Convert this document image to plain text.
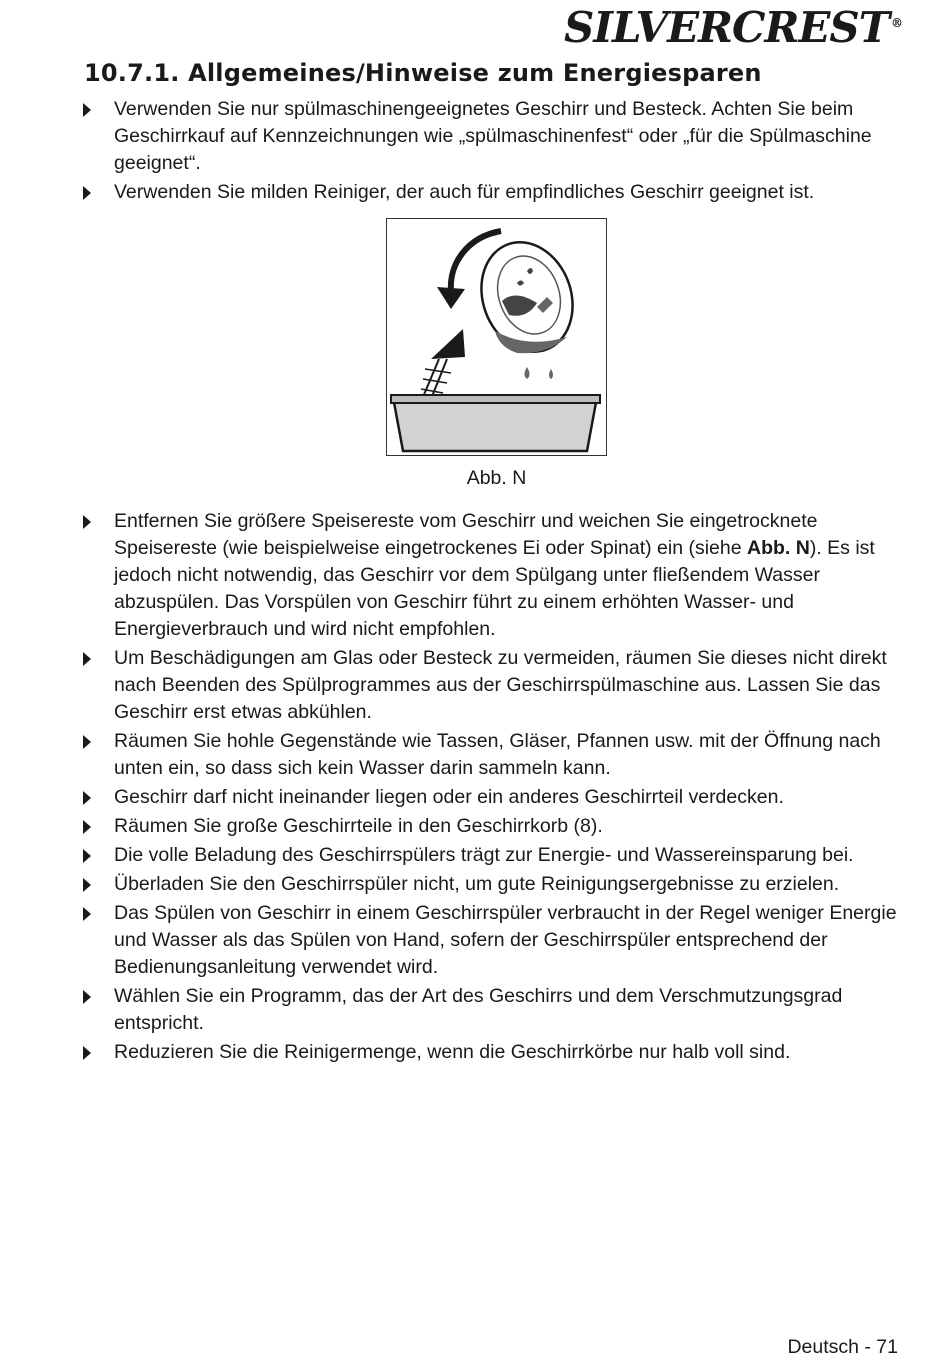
SILVERCREST ®
10.7.1. Allgemeines/Hinweise zum Energiesparen
Verwenden Sie nur spülmaschinengeeignetes Geschirr und Besteck. Achten Sie beim Geschirrkauf auf Kennzeichnungen wie „spülmaschinenfest“ oder „für die Spülmaschine geeignet“.
Verwenden Sie milden Reiniger, der auch für empfindliches Geschirr geeignet ist.
Abb. N
Entfernen Sie größere Speisereste vom Geschirr und weichen Sie eingetrocknete Speisereste (wie beispielweise eingetrockenes Ei oder Spinat) ein (siehe Abb. N). Es ist jedoch nicht notwendig, das Geschirr vor dem Spülgang unter fließendem Wasser abzuspülen. Das Vorspülen von Geschirr führt zu einem erhöhten Wasser- und Energieverbrauch und wird nicht empfohlen.
Um Beschädigungen am Glas oder Besteck zu vermeiden, räumen Sie dieses nicht direkt nach Beenden des Spülprogrammes aus der Geschirrspülmaschine aus. Lassen Sie das Geschirr erst etwas abkühlen.
Räumen Sie hohle Gegenstände wie Tassen, Gläser, Pfannen usw. mit der Öffnung nach unten ein, so dass sich kein Wasser darin sammeln kann.
Geschirr darf nicht ineinander liegen oder ein anderes Geschirrteil verdecken.
Räumen Sie große Geschirrteile in den Geschirrkorb (8).
Die volle Beladung des Geschirrspülers trägt zur Energie- und Wassereinsparung bei.
Überladen Sie den Geschirrspüler nicht, um gute Reinigungsergebnisse zu erzielen.
Das Spülen von Geschirr in einem Geschirrspüler verbraucht in der Regel weniger Energie und Wasser als das Spülen von Hand, sofern der Geschirrspüler entsprechend der Bedienungsanleitung verwendet wird.
Wählen Sie ein Programm, das der Art des Geschirrs und dem Verschmutzungsgrad entspricht.
Reduzieren Sie die Reinigermenge, wenn die Geschirrkörbe nur halb voll sind.
Deutsch - 71
